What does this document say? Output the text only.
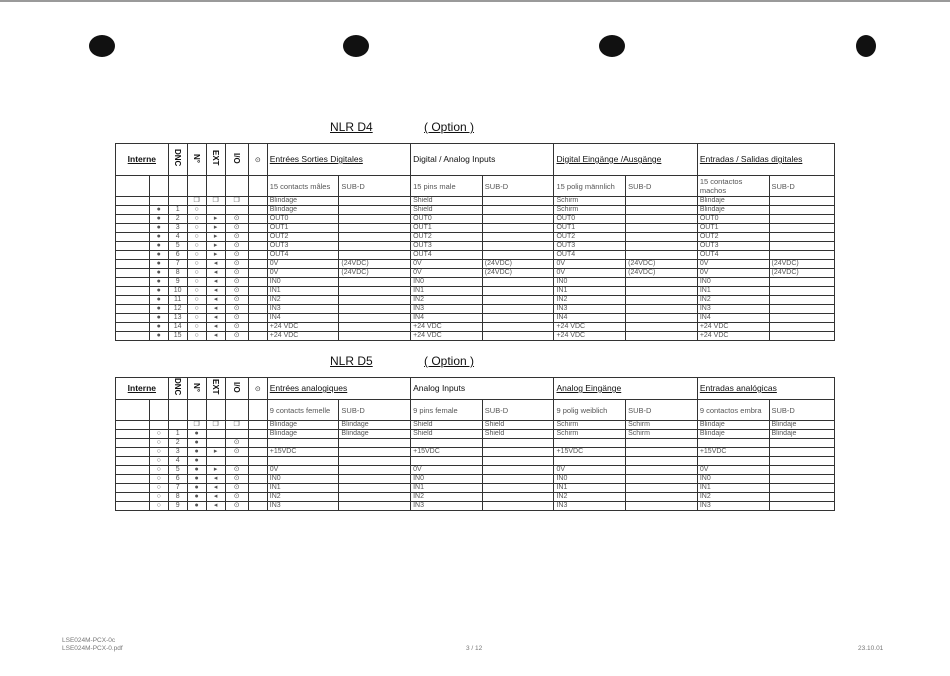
NLR D4	( Option )
Interne		DNC	N°	EXT	I/O	⊙	Entrées Sorties Digitales		Digital / Analog Inputs		Digital Eingänge /Ausgänge		Entradas / Salidas digitales	
							15 contacts mâles	SUB-D	15 pins male	SUB-D	15 polig männlich	SUB-D	15 contactos machos	SUB-D
			❐	❐	❐		Blindage		Shield		Schirm		Blindaje	
	●	1	○				Blindage		Shield		Schirm		Blindaje	
	●	2	○	▸	⊙		OUT0		OUT0		OUT0		OUT0	
	●	3	○	▸	⊙		OUT1		OUT1		OUT1		OUT1	
	●	4	○	▸	⊙		OUT2		OUT2		OUT2		OUT2	
	●	5	○	▸	⊙		OUT3		OUT3		OUT3		OUT3	
	●	6	○	▸	⊙		OUT4		OUT4		OUT4		OUT4	
	●	7	○	◂	⊙		0V	(24VDC)	0V	(24VDC)	0V	(24VDC)	0V	(24VDC)
	●	8	○	◂	⊙		0V	(24VDC)	0V	(24VDC)	0V	(24VDC)	0V	(24VDC)
	●	9	○	◂	⊙		IN0		IN0		IN0		IN0	
	●	10	○	◂	⊙		IN1		IN1		IN1		IN1	
	●	11	○	◂	⊙		IN2		IN2		IN2		IN2	
	●	12	○	◂	⊙		IN3		IN3		IN3		IN3	
	●	13	○	◂	⊙		IN4		IN4		IN4		IN4	
	●	14	○	◂	⊙		+24 VDC		+24 VDC		+24 VDC		+24 VDC	
	●	15	○	◂	⊙		+24 VDC		+24 VDC		+24 VDC		+24 VDC	
NLR D5	( Option )
Interne		DNC	N°	EXT	I/O	⊙	Entrées analogiques		Analog Inputs		Analog Eingänge		Entradas analógicas	
							9 contacts femelle	SUB-D	9 pins female	SUB-D	9 polig weiblich	SUB-D	9 contactos embra	SUB-D
			❐	❐	❐		Blindage	Blindage	Shield	Shield	Schirm	Schirm	Blindaje	Blindaje
	○	1	●				Blindage	Blindage	Shield	Shield	Schirm	Schirm	Blindaje	Blindaje
	○	2	●		⊙									
	○	3	●	▸	⊙		+15VDC		+15VDC		+15VDC		+15VDC	
	○	4	●											
	○	5	●	▸	⊙		0V		0V		0V		0V	
	○	6	●	◂	⊙		IN0		IN0		IN0		IN0	
	○	7	●	◂	⊙		IN1		IN1		IN1		IN1	
	○	8	●	◂	⊙		IN2		IN2		IN2		IN2	
	○	9	●	◂	⊙		IN3		IN3		IN3		IN3	
LSE024M-PCX-0c
LSE024M-PCX-0.pdf	3 / 12	23.10.01
